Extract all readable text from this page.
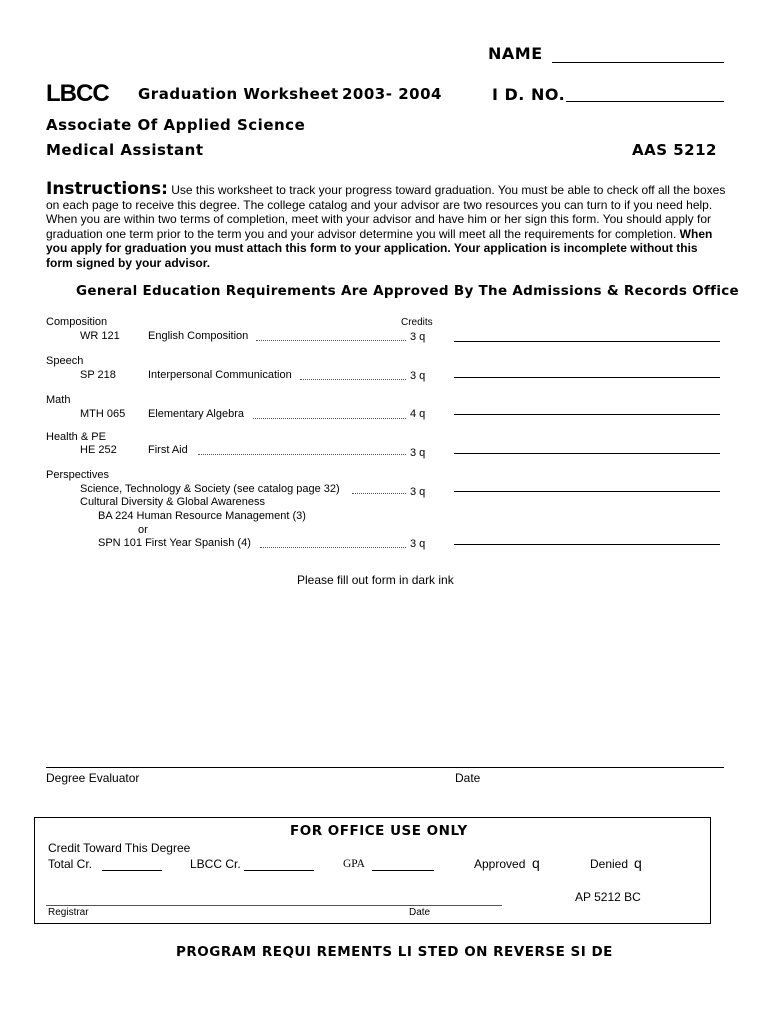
NAME
LBCC Graduation Worksheet 2003- 2004	I D. NO.
Associate Of Applied Science
Medical Assistant	AAS 5212
Instructions: Use this worksheet to track your progress toward graduation. You must be able to check off all the boxes on each page to receive this degree. The college catalog and your advisor are two resources you can turn to if you need help. When you are within two terms of completion, meet with your advisor and have him or her sign this form. You should apply for graduation one term prior to the term you and your advisor determine you will meet all the requirements for completion. When you apply for graduation you must attach this form to your application. Your application is incomplete without this form signed by your advisor.
General Education Requirements Are Approved By The Admissions & Records Office
Credits
Composition
WR 121	English Composition	3 q
Speech
SP 218	Interpersonal Communication	3 q
Math
MTH 065 Elementary Algebra	4 q
Health & PE
HE 252	First Aid	3 q
Perspectives
Science, Technology & Society (see catalog page 32)	3 q
Cultural Diversity & Global Awareness
BA 224 Human Resource Management (3)
or
SPN 101 First Year Spanish (4)	3 q
Please fill out form in dark ink
Degree Evaluator	Date
FOR OFFICE USE ONLY
Credit Toward This Degree
Total Cr.	LBCC Cr.	GPA	Approved q	Denied q
AP 5212 BC
Registrar	Date
PROGRAM REQUI REMENTS LI STED ON REVERSE SI DE
